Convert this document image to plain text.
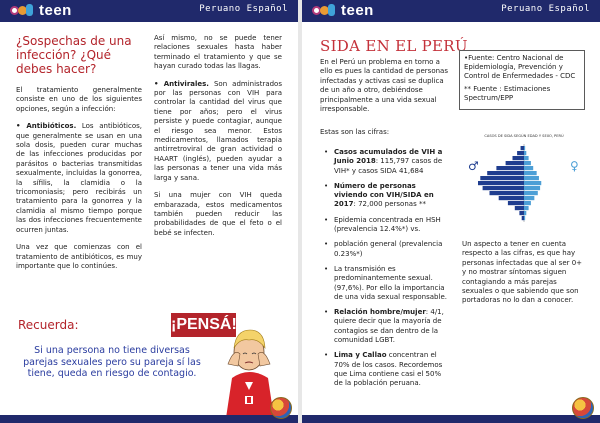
teen	Peruano Español
¿Sospechas de una infección? ¿Qué debes hacer?

El tratamiento generalmente consiste en uno de los siguientes opciones, según a infección:

• Antibióticos. Los antibióticos, que generalmente se usan en una sola dosis, pueden curar muchas de las infecciones producidas por parásitos o bacterias transmitidas sexualmente, incluidas la gonorrea, la sífilis, la clamidia o la tricomoniasis; pero recibirás un tratamiento para la gonorrea y la clamidia al mismo tiempo porque las dos infecciones frecuentemente ocurren juntas.

Una vez que comienzas con el tratamiento de antibióticos, es muy importante que lo continúes.

Así mismo, no se puede tener relaciones sexuales hasta haber terminado el tratamiento y que se hayan curado todas las llagas.

• Antivirales. Son administrados por las personas con VIH para controlar la cantidad del virus que tiene por años; pero el virus persiste y puede contagiar, aunque el riesgo sea menor. Estos medicamentos, llamados terapia antirretroviral de gran actividad o HAART (inglés), pueden ayudar a las personas a tener una vida más larga y sana.

Si una mujer con VIH queda embarazada, estos medicamentos también pueden reducir las probabilidades de que el feto o el bebé se infecten.

Recuerda:	¡PENSÁ!
Si una persona no tiene diversas parejas sexuales pero su pareja sí las tiene, queda en riesgo de contagio.
teen	Peruano Español
SIDA EN EL PERÚ
En el Perú un problema en torno a ello es pues la cantidad de personas infectadas y activas casi se duplica de un año a otro, debiéndose principalmente a una vida sexual irresponsable.
Estas son las cifras:
• Casos acumulados de VIH a Junio 2018: 115,797 casos de VIH* y casos SIDA 41,684
• Número de personas viviendo con VIH/SIDA en 2017: 72,000 personas **
• Epidemia concentrada en HSH (prevalencia 12.4%*) vs.
• población general (prevalencia 0.23%*)
• La transmisión es predominantemente sexual. (97,6%). Por ello la importancia de una vida sexual responsable.
• Relación hombre/mujer: 4/1, quiere decir que la mayoría de contagios se dan dentro de la comunidad LGBT.
• Lima y Callao concentran el 70% de los casos. Recordemos que Lima contiene casi el 50% de la población peruana.

•Fuente: Centro Nacional de Epidemiología, Prevención y Control de Enfermedades - CDC

** Fuente : Estimaciones Spectrum/EPP

CASOS DE SIDA SEGÚN EDAD Y SEXO, PERÚ
♂	♀
Un aspecto a tener en cuenta respecto a las cifras, es que hay personas infectadas que al ser 0+ y no mostrar síntomas siguen contagiando a más parejas sexuales o que sabiendo que son portadoras no lo dan a conocer.
